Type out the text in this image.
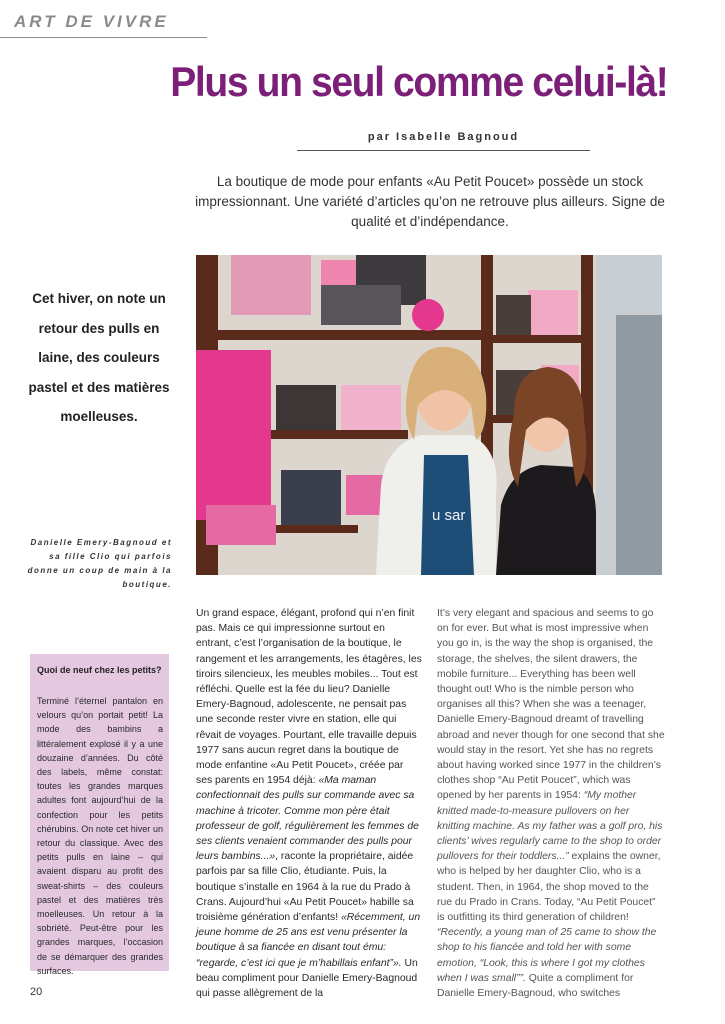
ART DE VIVRE
Plus un seul comme celui-là!
par Isabelle Bagnoud
La boutique de mode pour enfants «Au Petit Poucet» possède un stock impressionnant. Une variété d’articles qu’on ne retrouve plus ailleurs. Signe de qualité et d’indépendance.
Cet hiver, on note un retour des pulls en laine, des couleurs pastel et des matières moelleuses.
Danielle Emery-Bagnoud et sa fille Clio qui parfois donne un coup de main à la boutique.
u sar
Quoi de neuf chez les petits?
Terminé l’éternel pantalon en velours qu’on portait petit! La mode des bambins a littéralement explosé il y a une douzaine d’années. Du côté des labels, même constat: toutes les grandes marques adultes font aujourd’hui de la confection pour les petits chérubins. On note cet hiver un retour du classique. Avec des petits pulls en laine – qui avaient disparu au profit des sweat-shirts – des couleurs pastel et des matières très moelleuses. Un retour à la sobriété. Peut-être pour les grandes marques, l’occasion de se démarquer des grandes surfaces.
Un grand espace, élégant, profond qui n’en finit pas. Mais ce qui impressionne surtout en entrant, c’est l’organisation de la boutique, le rangement et les arrangements, les étagères, les tiroirs silencieux, les meubles mobiles... Tout est réfléchi. Quelle est la fée du lieu? Danielle Emery-Bagnoud, adolescente, ne pensait pas une seconde rester vivre en station, elle qui rêvait de voyages. Pourtant, elle travaille depuis 1977 sans aucun regret dans la boutique de mode enfantine «Au Petit Poucet», créée par ses parents en 1954 déjà: «Ma maman confectionnait des pulls sur commande avec sa machine à tricoter. Comme mon père était professeur de golf, régulièrement les femmes de ses clients venaient commander des pulls pour leurs bambins...», raconte la propriétaire, aidée parfois par sa fille Clio, étudiante. Puis, la boutique s’installe en 1964 à la rue du Prado à Crans. Aujourd’hui «Au Petit Poucet» habille sa troisième génération d’enfants! «Récemment, un jeune homme de 25 ans est venu présenter la boutique à sa fiancée en disant tout ému: “regarde, c’est ici que je m’habillais enfant”». Un beau compliment pour Danielle Emery-Bagnoud qui passe allègrement de la
It’s very elegant and spacious and seems to go on for ever. But what is most impressive when you go in, is the way the shop is organised, the storage, the shelves, the silent drawers, the mobile furniture... Everything has been well thought out! Who is the nimble person who organises all this? When she was a teenager, Danielle Emery-Bagnoud dreamt of travelling abroad and never though for one second that she would stay in the resort. Yet she has no regrets about having worked since 1977 in the children’s clothes shop “Au Petit Poucet”, which was opened by her parents in 1954: “My mother knitted made-to-measure pullovers on her knitting machine. As my father was a golf pro, his clients’ wives regularly came to the shop to order pullovers for their toddlers...” explains the owner, who is helped by her daughter Clio, who is a student. Then, in 1964, the shop moved to the rue du Prado in Crans. Today, “Au Petit Poucet” is outfitting its third generation of children! “Recently, a young man of 25 came to show the shop to his fiancée and told her with some emotion, “Look, this is where I got my clothes when I was small””. Quite a compliment for Danielle Emery-Bagnoud, who switches
20
